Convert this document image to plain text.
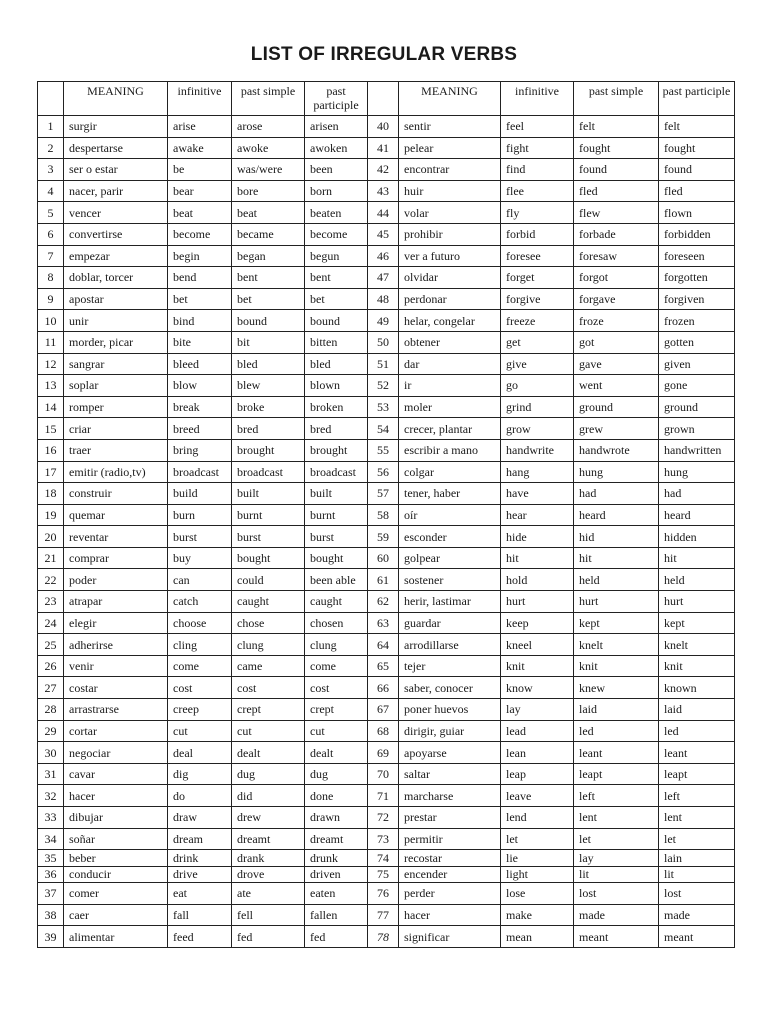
LIST OF IRREGULAR VERBS
	MEANING	infinitive	past simple	past participle		MEANING	infinitive	past simple	past participle
1	surgir	arise	arose	arisen	40	sentir	feel	felt	felt
2	despertarse	awake	awoke	awoken	41	pelear	fight	fought	fought
3	ser o estar	be	was/were	been	42	encontrar	find	found	found
4	nacer, parir	bear	bore	born	43	huir	flee	fled	fled
5	vencer	beat	beat	beaten	44	volar	fly	flew	flown
6	convertirse	become	became	become	45	prohibir	forbid	forbade	forbidden
7	empezar	begin	began	begun	46	ver a futuro	foresee	foresaw	foreseen
8	doblar, torcer	bend	bent	bent	47	olvidar	forget	forgot	forgotten
9	apostar	bet	bet	bet	48	perdonar	forgive	forgave	forgiven
10	unir	bind	bound	bound	49	helar, congelar	freeze	froze	frozen
11	morder, picar	bite	bit	bitten	50	obtener	get	got	gotten
12	sangrar	bleed	bled	bled	51	dar	give	gave	given
13	soplar	blow	blew	blown	52	ir	go	went	gone
14	romper	break	broke	broken	53	moler	grind	ground	ground
15	criar	breed	bred	bred	54	crecer, plantar	grow	grew	grown
16	traer	bring	brought	brought	55	escribir a mano	handwrite	handwrote	handwritten
17	emitir (radio,tv)	broadcast	broadcast	broadcast	56	colgar	hang	hung	hung
18	construir	build	built	built	57	tener, haber	have	had	had
19	quemar	burn	burnt	burnt	58	oír	hear	heard	heard
20	reventar	burst	burst	burst	59	esconder	hide	hid	hidden
21	comprar	buy	bought	bought	60	golpear	hit	hit	hit
22	poder	can	could	been able	61	sostener	hold	held	held
23	atrapar	catch	caught	caught	62	herir, lastimar	hurt	hurt	hurt
24	elegir	choose	chose	chosen	63	guardar	keep	kept	kept
25	adherirse	cling	clung	clung	64	arrodillarse	kneel	knelt	knelt
26	venir	come	came	come	65	tejer	knit	knit	knit
27	costar	cost	cost	cost	66	saber, conocer	know	knew	known
28	arrastrarse	creep	crept	crept	67	poner huevos	lay	laid	laid
29	cortar	cut	cut	cut	68	dirigir, guiar	lead	led	led
30	negociar	deal	dealt	dealt	69	apoyarse	lean	leant	leant
31	cavar	dig	dug	dug	70	saltar	leap	leapt	leapt
32	hacer	do	did	done	71	marcharse	leave	left	left
33	dibujar	draw	drew	drawn	72	prestar	lend	lent	lent
34	soñar	dream	dreamt	dreamt	73	permitir	let	let	let
35	beber	drink	drank	drunk	74	recostar	lie	lay	lain
36	conducir	drive	drove	driven	75	encender	light	lit	lit
37	comer	eat	ate	eaten	76	perder	lose	lost	lost
38	caer	fall	fell	fallen	77	hacer	make	made	made
39	alimentar	feed	fed	fed	78	significar	mean	meant	meant
